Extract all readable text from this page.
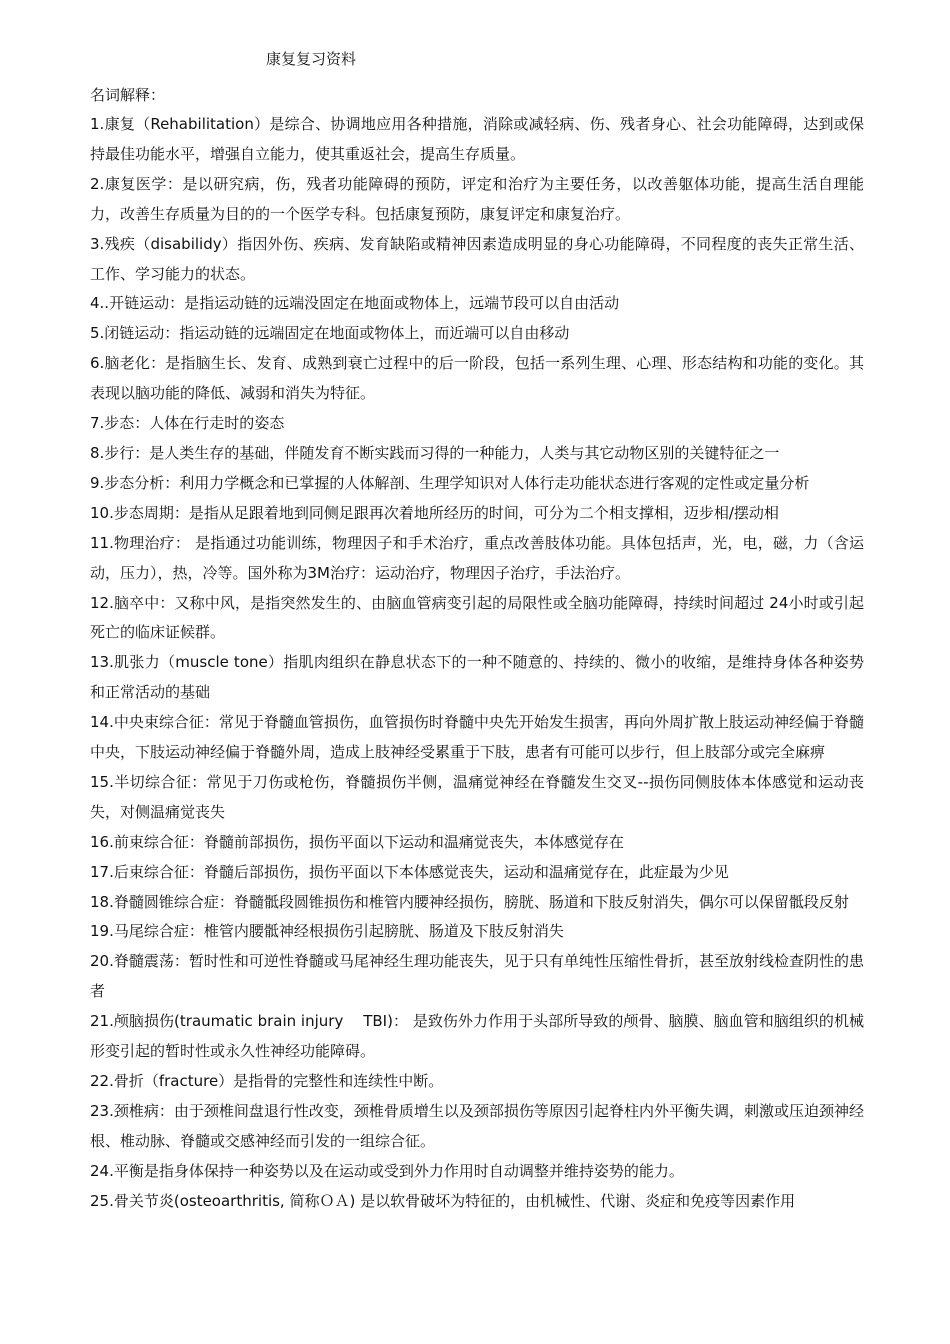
康复复习资料
名词解释：

1.康复（Rehabilitation）是综合、协调地应用各种措施，消除或减轻病、伤、残者身心、社会功能障碍，达到或保持最佳功能水平，增强自立能力，使其重返社会，提高生存质量。

2.康复医学：是以研究病，伤，残者功能障碍的预防，评定和治疗为主要任务，以改善躯体功能，提高生活自理能力，改善生存质量为目的的一个医学专科。包括康复预防，康复评定和康复治疗。

3.残疾（disabilidy）指因外伤、疾病、发育缺陷或精神因素造成明显的身心功能障碍，不同程度的丧失正常生活、工作、学习能力的状态。

4..开链运动：是指运动链的远端没固定在地面或物体上，远端节段可以自由活动

5.闭链运动：指运动链的远端固定在地面或物体上，而近端可以自由移动

6.脑老化：是指脑生长、发育、成熟到衰亡过程中的后一阶段，包括一系列生理、心理、形态结构和功能的变化。其表现以脑功能的降低、减弱和消失为特征。

7.步态：人体在行走时的姿态

8.步行：是人类生存的基础，伴随发育不断实践而习得的一种能力，人类与其它动物区别的关键特征之一

9.步态分析：利用力学概念和已掌握的人体解剖、生理学知识对人体行走功能状态进行客观的定性或定量分析

10.步态周期：是指从足跟着地到同侧足跟再次着地所经历的时间，可分为二个相支撑相，迈步相/摆动相

11.物理治疗： 是指通过功能训练，物理因子和手术治疗，重点改善肢体功能。具体包括声，光，电，磁，力（含运动，压力），热，冷等。国外称为3M治疗：运动治疗，物理因子治疗，手法治疗。

12.脑卒中：又称中风，是指突然发生的、由脑血管病变引起的局限性或全脑功能障碍，持续时间超过 24小时或引起死亡的临床证候群。

13.肌张力（muscle tone）指肌肉组织在静息状态下的一种不随意的、持续的、微小的收缩，是维持身体各种姿势和正常活动的基础

14.中央束综合征：常见于脊髓血管损伤，血管损伤时脊髓中央先开始发生损害，再向外周扩散上肢运动神经偏于脊髓中央，下肢运动神经偏于脊髓外周，造成上肢神经受累重于下肢，患者有可能可以步行，但上肢部分或完全麻痹

15.半切综合征：常见于刀伤或枪伤，脊髓损伤半侧，温痛觉神经在脊髓发生交叉--损伤同侧肢体本体感觉和运动丧失，对侧温痛觉丧失

16.前束综合征：脊髓前部损伤，损伤平面以下运动和温痛觉丧失，本体感觉存在

17.后束综合征：脊髓后部损伤，损伤平面以下本体感觉丧失，运动和温痛觉存在，此症最为少见

18.脊髓圆锥综合症：脊髓骶段圆锥损伤和椎管内腰神经损伤，膀胱、肠道和下肢反射消失，偶尔可以保留骶段反射

19.马尾综合症：椎管内腰骶神经根损伤引起膀胱、肠道及下肢反射消失

20.脊髓震荡：暂时性和可逆性脊髓或马尾神经生理功能丧失，见于只有单纯性压缩性骨折，甚至放射线检查阴性的患者

21.颅脑损伤(traumatic brain injury　 TBI)： 是致伤外力作用于头部所导致的颅骨、脑膜、脑血管和脑组织的机械形变引起的暂时性或永久性神经功能障碍。

22.骨折（fracture）是指骨的完整性和连续性中断。

23.颈椎病：由于颈椎间盘退行性改变，颈椎骨质增生以及颈部损伤等原因引起脊柱内外平衡失调，刺激或压迫颈神经根、椎动脉、脊髓或交感神经而引发的一组综合征。

24.平衡是指身体保持一种姿势以及在运动或受到外力作用时自动调整并维持姿势的能力。

25.骨关节炎(osteoarthritis, 简称ＯＡ) 是以软骨破坏为特征的，由机械性、代谢、炎症和免疫等因素作用
